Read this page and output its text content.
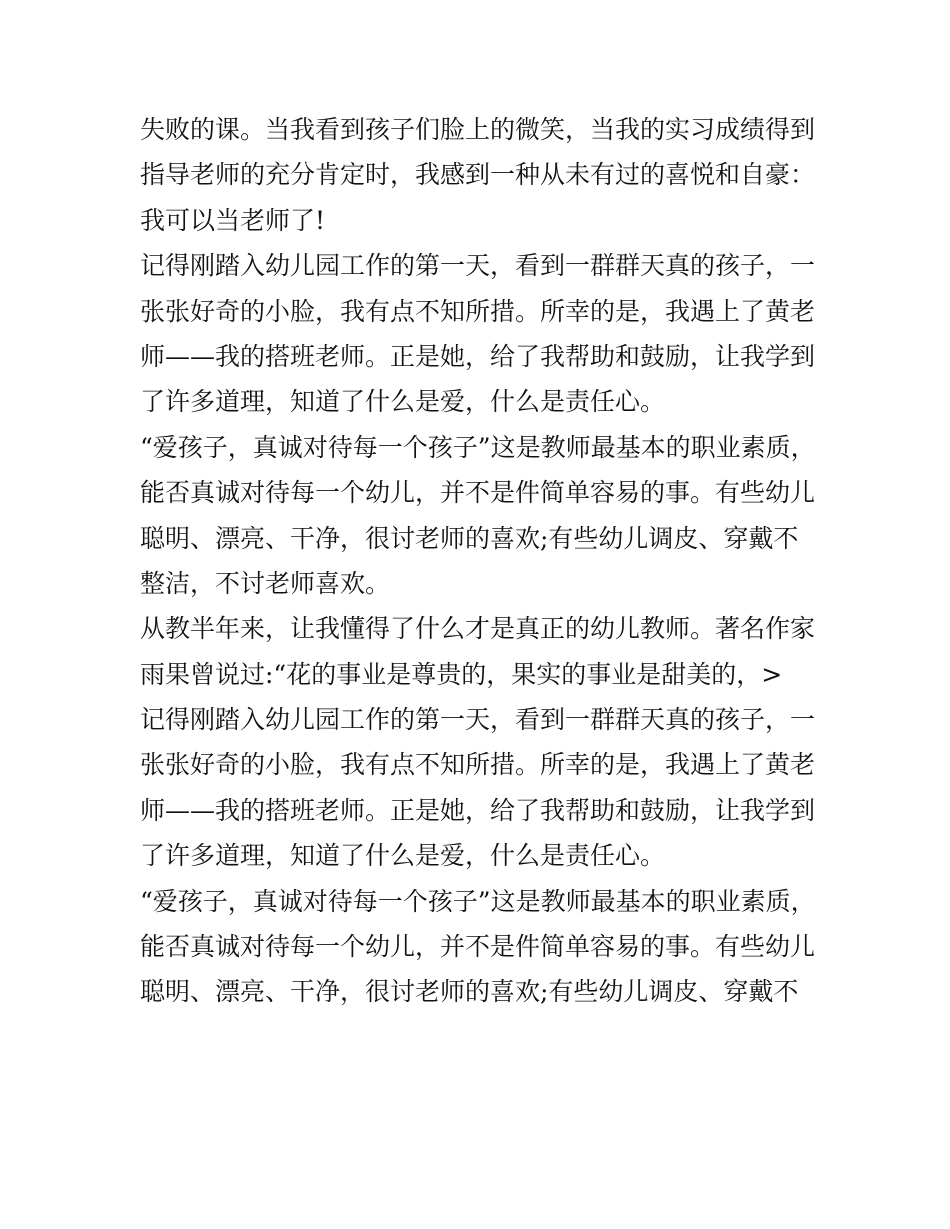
失败的课。当我看到孩子们脸上的微笑，当我的实习成绩得到
指导老师的充分肯定时，我感到一种从未有过的喜悦和自豪：
我可以当老师了!
记得刚踏入幼儿园工作的第一天，看到一群群天真的孩子，一
张张好奇的小脸，我有点不知所措。所幸的是，我遇上了黄老
师——我的搭班老师。正是她，给了我帮助和鼓励，让我学到
了许多道理，知道了什么是爱，什么是责任心。
“爱孩子，真诚对待每一个孩子”这是教师最基本的职业素质，
能否真诚对待每一个幼儿，并不是件简单容易的事。有些幼儿
聪明、漂亮、干净，很讨老师的喜欢;有些幼儿调皮、穿戴不
整洁，不讨老师喜欢。
从教半年来，让我懂得了什么才是真正的幼儿教师。著名作家
雨果曾说过:“花的事业是尊贵的，果实的事业是甜美的，>
记得刚踏入幼儿园工作的第一天，看到一群群天真的孩子，一
张张好奇的小脸，我有点不知所措。所幸的是，我遇上了黄老
师——我的搭班老师。正是她，给了我帮助和鼓励，让我学到
了许多道理，知道了什么是爱，什么是责任心。
“爱孩子，真诚对待每一个孩子”这是教师最基本的职业素质，
能否真诚对待每一个幼儿，并不是件简单容易的事。有些幼儿
聪明、漂亮、干净，很讨老师的喜欢;有些幼儿调皮、穿戴不
